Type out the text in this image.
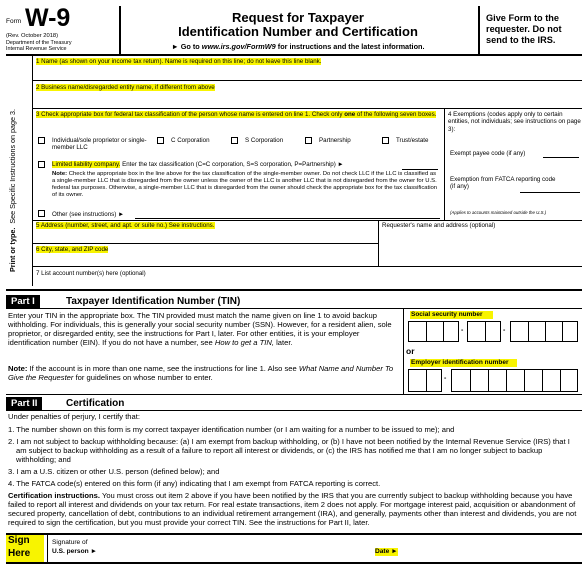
Form W-9
(Rev. October 2018)
Department of the Treasury
Internal Revenue Service
Request for Taxpayer
Identification Number and Certification
► Go to www.irs.gov/FormW9 for instructions and the latest information.
Give Form to the requester. Do not send to the IRS.
Print or type.  See Specific Instructions on page 3.
1 Name (as shown on your income tax return). Name is required on this line; do not leave this line blank.
2 Business name/disregarded entity name, if different from above
3 Check appropriate box for federal tax classification of the person whose name is entered on line 1. Check only one of the following seven boxes.
Individual/sole proprietor or single-member LLC
C Corporation	S Corporation	Partnership	Trust/estate
Limited liability company. Enter the tax classification (C=C corporation, S=S corporation, P=Partnership) ►
Note: Check the appropriate box in the line above for the tax classification of the single-member owner. Do not check LLC if the LLC is classified as a single-member LLC that is disregarded from the owner unless the owner of the LLC is another LLC that is not disregarded from the owner for U.S. federal tax purposes. Otherwise, a single-member LLC that is disregarded from the owner should check the appropriate box for the tax classification of its owner.
Other (see instructions) ►
4 Exemptions (codes apply only to certain entities, not individuals; see instructions on page 3):
Exempt payee code (if any)
Exemption from FATCA reporting code (if any)
(Applies to accounts maintained outside the U.S.)
5 Address (number, street, and apt. or suite no.) See instructions.	Requester's name and address (optional)
6 City, state, and ZIP code
7 List account number(s) here (optional)
Part I	Taxpayer Identification Number (TIN)
Enter your TIN in the appropriate box. The TIN provided must match the name given on line 1 to avoid backup withholding. For individuals, this is generally your social security number (SSN). However, for a resident alien, sole proprietor, or disregarded entity, see the instructions for Part I, later. For other entities, it is your employer identification number (EIN). If you do not have a number, see How to get a TIN, later.
Note: If the account is in more than one name, see the instructions for line 1. Also see What Name and Number To Give the Requester for guidelines on whose number to enter.
Social security number
-	-
or
Employer identification number
-
Part II	Certification
Under penalties of perjury, I certify that:
1. The number shown on this form is my correct taxpayer identification number (or I am waiting for a number to be issued to me); and
2. I am not subject to backup withholding because: (a) I am exempt from backup withholding, or (b) I have not been notified by the Internal Revenue Service (IRS) that I am subject to backup withholding as a result of a failure to report all interest or dividends, or (c) the IRS has notified me that I am no longer subject to backup withholding; and
3. I am a U.S. citizen or other U.S. person (defined below); and
4. The FATCA code(s) entered on this form (if any) indicating that I am exempt from FATCA reporting is correct.
Certification instructions. You must cross out item 2 above if you have been notified by the IRS that you are currently subject to backup withholding because you have failed to report all interest and dividends on your tax return. For real estate transactions, item 2 does not apply. For mortgage interest paid, acquisition or abandonment of secured property, cancellation of debt, contributions to an individual retirement arrangement (IRA), and generally, payments other than interest and dividends, you are not required to sign the certification, but you must provide your correct TIN. See the instructions for Part II, later.
Sign
Here
Signature of
U.S. person ►	Date ►
